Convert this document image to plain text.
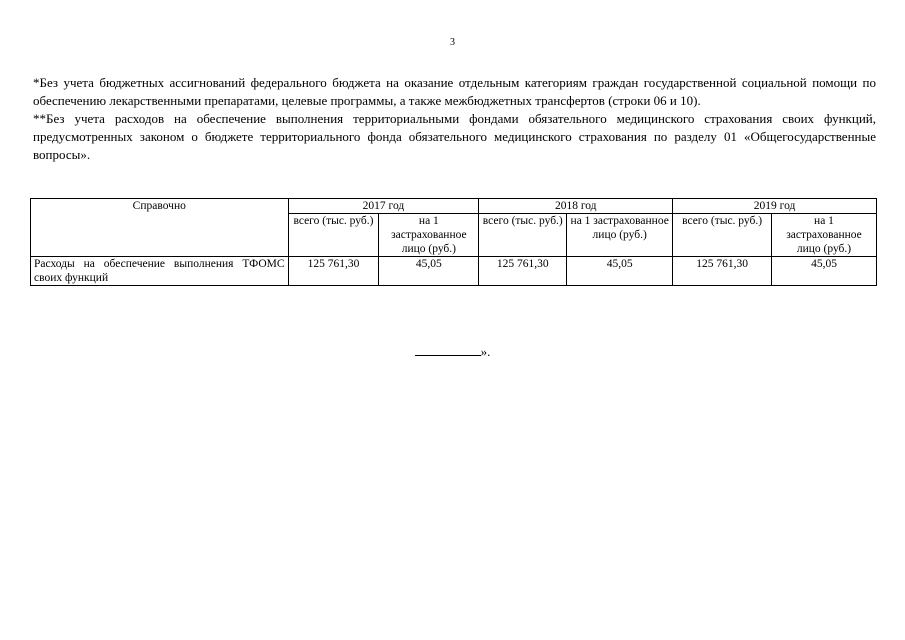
3

*Без учета бюджетных ассигнований федерального бюджета на оказание отдельным категориям граждан государственной социальной помощи по обеспечению лекарственными препаратами, целевые программы, а также межбюджетных трансфертов (строки 06 и 10).

**Без учета расходов на обеспечение выполнения территориальными фондами обязательного медицинского страхования своих функций, предусмотренных законом о бюджете территориального фонда обязательного медицинского страхования по разделу 01 «Общегосударственные вопросы».

Справочно	2017 год		2018 год		2019 год	
	всего (тыс. руб.)	на 1 застрахованное лицо (руб.)	всего (тыс. руб.)	на 1 застрахованное лицо (руб.)	всего (тыс. руб.)	на 1 застрахованное лицо (руб.)
Расходы на обеспечение выполнения ТФОМС своих функций	125 761,30	45,05	125 761,30	45,05	125 761,30	45,05
».
